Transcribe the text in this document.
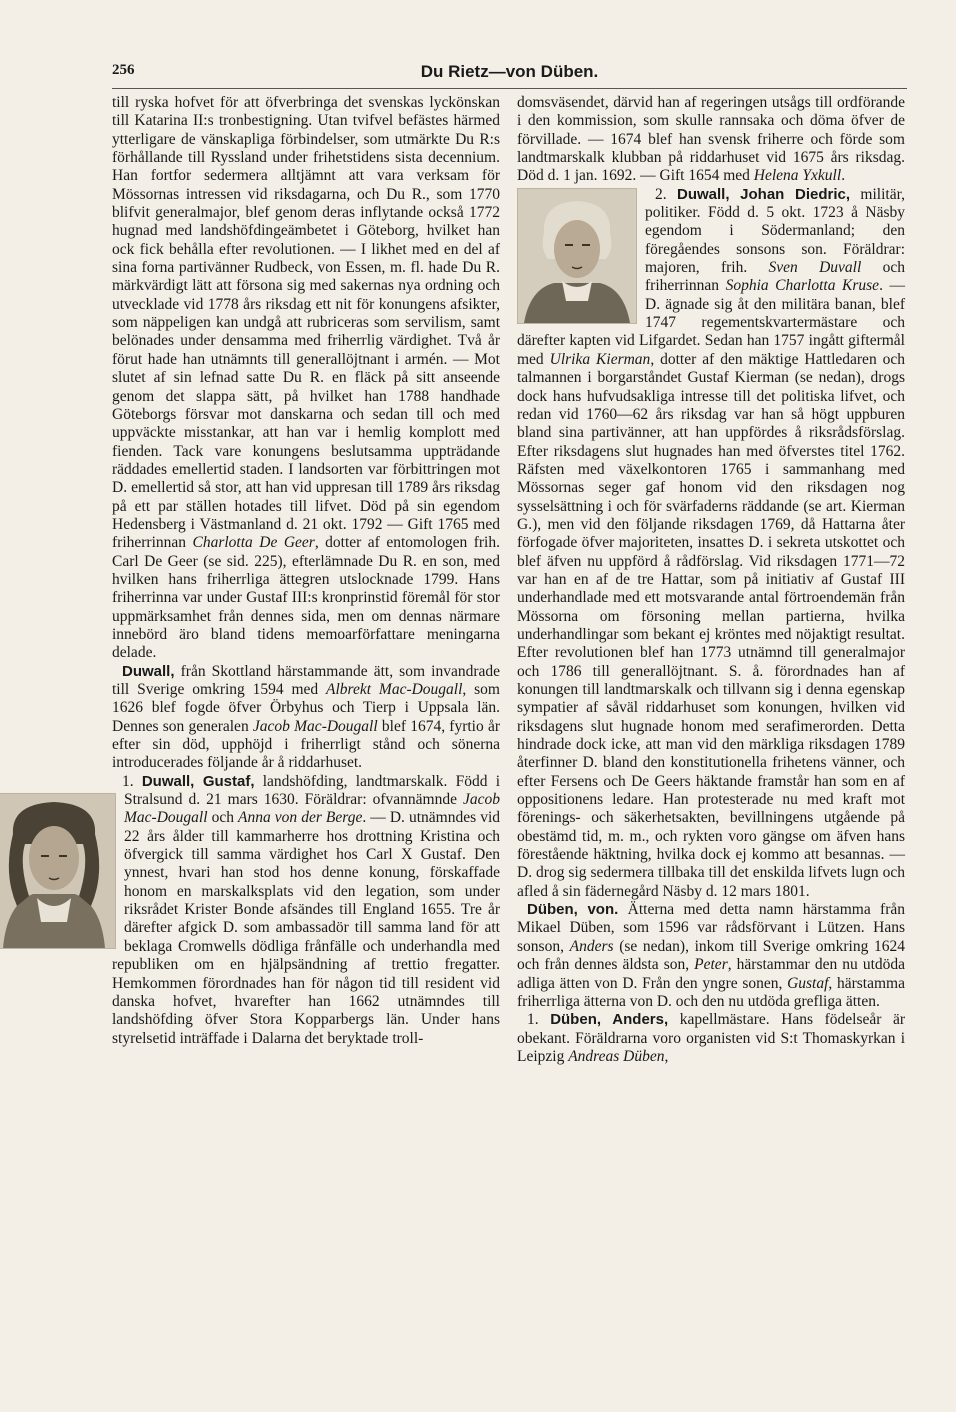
256	Du Rietz—von Düben.

till ryska hofvet för att öfverbringa det svenskas lyckönskan till Katarina II:s tronbestigning. Utan tvifvel befästes härmed ytterligare de vänskapliga förbindelser, som utmärkte Du R:s förhållande till Ryssland under frihetstidens sista decennium. Han fortfor sedermera alltjämnt att vara verksam för Mössornas intressen vid riksdagarna, och Du R., som 1770 blifvit generalmajor, blef genom deras inflytande också 1772 hugnad med landshöfdingeämbetet i Göteborg, hvilket han ock fick behålla efter revolutionen. — I likhet med en del af sina forna partivänner Rudbeck, von Essen, m. fl. hade Du R. märkvärdigt lätt att försona sig med sakernas nya ordning och utvecklade vid 1778 års riksdag ett nit för konungens afsikter, som näppeligen kan undgå att rubriceras som servilism, samt belönades under densamma med friherrlig värdighet. Två år förut hade han utnämnts till generallöjtnant i armén. — Mot slutet af sin lefnad satte Du R. en fläck på sitt anseende genom det slappa sätt, på hvilket han 1788 handhade Göteborgs försvar mot danskarna och sedan till och med uppväckte misstankar, att han var i hemlig komplott med fienden. Tack vare konungens beslutsamma uppträdande räddades emellertid staden. I landsorten var förbittringen mot D. emellertid så stor, att han vid uppresan till 1789 års riksdag på ett par ställen hotades till lifvet. Död på sin egendom Hedensberg i Västmanland d. 21 okt. 1792 — Gift 1765 med friherrinnan Charlotta De Geer, dotter af entomologen frih. Carl De Geer (se sid. 225), efterlämnade Du R. en son, med hvilken hans friherrliga ättegren utslocknade 1799. Hans friherrinna var under Gustaf III:s kronprinstid föremål för stor uppmärksamhet från dennes sida, men om dennas närmare innebörd äro bland tidens memoarförfattare meningarna delade.

Duwall, från Skottland härstammande ätt, som invandrade till Sverige omkring 1594 med Albrekt Mac-Dougall, som 1626 blef fogde öfver Örbyhus och Tierp i Uppsala län. Dennes son generalen Jacob Mac-Dougall blef 1674, fyrtio år efter sin död, upphöjd i friherrligt stånd och sönerna introducerades följande år å riddarhuset.

1. Duwall, Gustaf, landshöfding, landtmarskalk. Född i Stralsund d. 21 mars 1630. Föräldrar: ofvannämnde
Jacob Mac-Dougall och Anna von der Berge. — D. utnämndes vid 22 års ålder till kammarherre hos drottning Kristina och öfvergick till samma värdighet hos Carl X Gustaf. Den ynnest, hvari han stod hos denne konung, förskaffade honom en marskalksplats vid den legation, som under riksrådet Krister Bonde afsändes till England 1655. Tre år därefter afgick D. som ambassadör till samma land för att beklaga Cromwells dödliga frånfälle och underhandla med republiken om en hjälpsändning af trettio fregatter. Hemkommen förordnades han för någon tid till resident vid danska hofvet, hvarefter han 1662 utnämndes till landshöfding öfver Stora Kopparbergs län. Under hans styrelsetid inträffade i Dalarna det beryktade troll-

domsväsendet, därvid han af regeringen utsågs till ordförande i den kommission, som skulle rannsaka och döma öfver de förvillade. — 1674 blef han svensk friherre och förde som landtmarskalk klubban på riddarhuset vid 1675 års riksdag. Död d. 1 jan. 1692. — Gift 1654 med Helena Yxkull.

2. Duwall, Johan Diedric,
militär, politiker. Född d. 5 okt. 1723 å Näsby egendom i Södermanland; den föregåendes sonsons son. Föräldrar: majoren, frih. Sven Duvall och friherrinnan Sophia Charlotta Kruse. — D. ägnade sig åt den militära banan, blef 1747 regementskvartermästare och därefter kapten vid Lifgardet. Sedan han 1757 ingått giftermål med Ulrika Kierman, dotter af den mäktige Hattledaren och talmannen i borgarståndet Gustaf Kierman (se nedan), drogs dock hans hufvudsakliga intresse till det politiska lifvet, och redan vid 1760—62 års riksdag var han så högt uppburen bland sina partivänner, att han uppfördes å riksrådsförslag. Efter riksdagens slut hugnades han med öfverstes titel 1762. Räfsten med växelkontoren 1765 i sammanhang med Mössornas seger gaf honom vid den riksdagen nog sysselsättning i och för svärfaderns räddande (se art. Kierman G.), men vid den följande riksdagen 1769, då Hattarna åter förfogade öfver majoriteten, insattes D. i sekreta utskottet och blef äfven nu uppförd å rådförslag. Vid riksdagen 1771—72 var han en af de tre Hattar, som på initiativ af Gustaf III underhandlade med ett motsvarande antal förtroendemän från Mössorna om försoning mellan partierna, hvilka underhandlingar som bekant ej kröntes med nöjaktigt resultat. Efter revolutionen blef han 1773 utnämnd till generalmajor och 1786 till generallöjtnant. S. å. förordnades han af konungen till landtmarskalk och tillvann sig i denna egenskap sympatier af såväl riddarhuset som konungen, hvilken vid riksdagens slut hugnade honom med serafimerorden. Detta hindrade dock icke, att man vid den märkliga riksdagen 1789 återfinner D. bland den konstitutionella frihetens vänner, och efter Fersens och De Geers häktande framstår han som en af oppositionens ledare. Han protesterade nu med kraft mot förenings- och säkerhetsakten, bevillningens utgående på obestämd tid, m. m., och rykten voro gängse om äfven hans förestående häktning, hvilka dock ej kommo att besannas. — D. drog sig sedermera tillbaka till det enskilda lifvets lugn och afled å sin fädernegård Näsby d. 12 mars 1801.

Düben, von. Ätterna med detta namn härstamma från Mikael Düben, som 1596 var rådsförvant i Lützen. Hans sonson, Anders (se nedan), inkom till Sverige omkring 1624 och från dennes äldsta son, Peter, härstammar den nu utdöda adliga ätten von D. Från den yngre sonen, Gustaf, härstamma friherrliga ätterna von D. och den nu utdöda grefliga ätten.

1. Düben, Anders, kapellmästare. Hans födelseår är obekant. Föräldrarna voro organisten vid S:t Thomaskyrkan i Leipzig Andreas Düben,
